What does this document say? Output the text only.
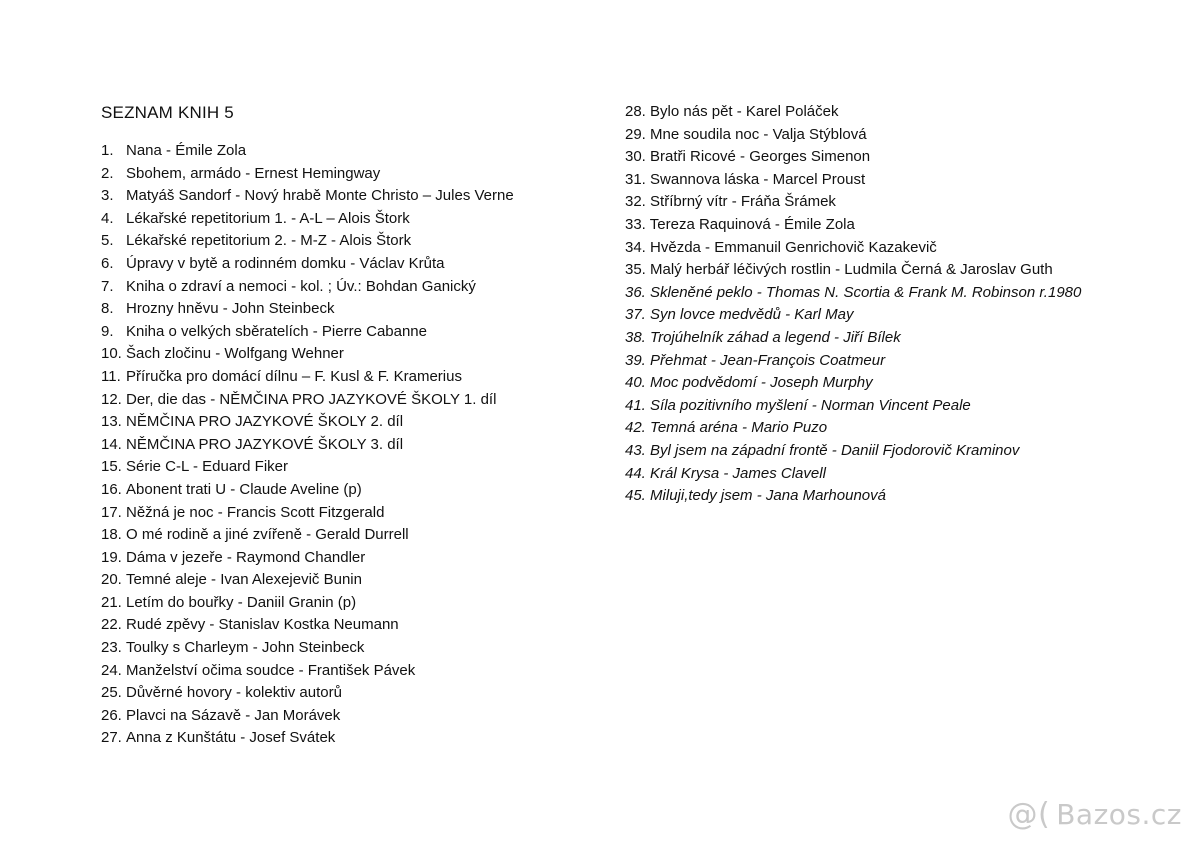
SEZNAM KNIH 5
1. Nana - Émile Zola
2. Sbohem, armádo - Ernest Hemingway
3. Matyáš Sandorf - Nový hrabě Monte Christo – Jules Verne
4. Lékařské repetitorium 1. - A-L – Alois Štork
5. Lékařské repetitorium 2. - M-Z - Alois Štork
6. Úpravy v bytě a rodinném domku - Václav Krůta
7. Kniha o zdraví a nemoci - kol. ; Úv.: Bohdan Ganický
8. Hrozny hněvu - John Steinbeck
9. Kniha o velkých sběratelích - Pierre Cabanne
10. Šach zločinu - Wolfgang Wehner
11. Příručka pro domácí dílnu – F. Kusl & F. Kramerius
12. Der, die das - NĚMČINA PRO JAZYKOVÉ ŠKOLY 1. díl
13. NĚMČINA PRO JAZYKOVÉ ŠKOLY 2. díl
14. NĚMČINA PRO JAZYKOVÉ ŠKOLY 3. díl
15. Série C-L - Eduard Fiker
16. Abonent trati U - Claude Aveline (p)
17. Něžná je noc - Francis Scott Fitzgerald
18. O mé rodině a jiné zvířeně - Gerald Durrell
19. Dáma v jezeře - Raymond Chandler
20. Temné aleje - Ivan Alexejevič Bunin
21. Letím do bouřky - Daniil Granin (p)
22. Rudé zpěvy - Stanislav Kostka Neumann
23. Toulky s Charleym - John Steinbeck
24. Manželství očima soudce - František Pávek
25. Důvěrné hovory - kolektiv autorů
26. Plavci na Sázavě - Jan Morávek
27. Anna z Kunštátu - Josef Svátek
28. Bylo nás pět - Karel Poláček
29. Mne soudila noc - Valja Stýblová
30. Bratři Ricové - Georges Simenon
31. Swannova láska - Marcel Proust
32. Stříbrný vítr - Fráňa Šrámek
33. Tereza Raquinová - Émile Zola
34. Hvězda - Emmanuil Genrichovič Kazakevič
35. Malý herbář léčivých rostlin - Ludmila Černá & Jaroslav Guth
36. Skleněné peklo - Thomas N. Scortia & Frank M. Robinson r.1980
37. Syn lovce medvědů - Karl May
38. Trojúhelník záhad a legend - Jiří Bílek
39. Přehmat - Jean-François Coatmeur
40. Moc podvědomí - Joseph Murphy
41. Síla pozitivního myšlení - Norman Vincent Peale
42. Temná aréna - Mario Puzo
43. Byl jsem na západní frontě - Daniil Fjodorovič Kraminov
44. Král Krysa - James Clavell
45. Miluji,tedy jsem - Jana Marhounová
@( Bazos.cz
